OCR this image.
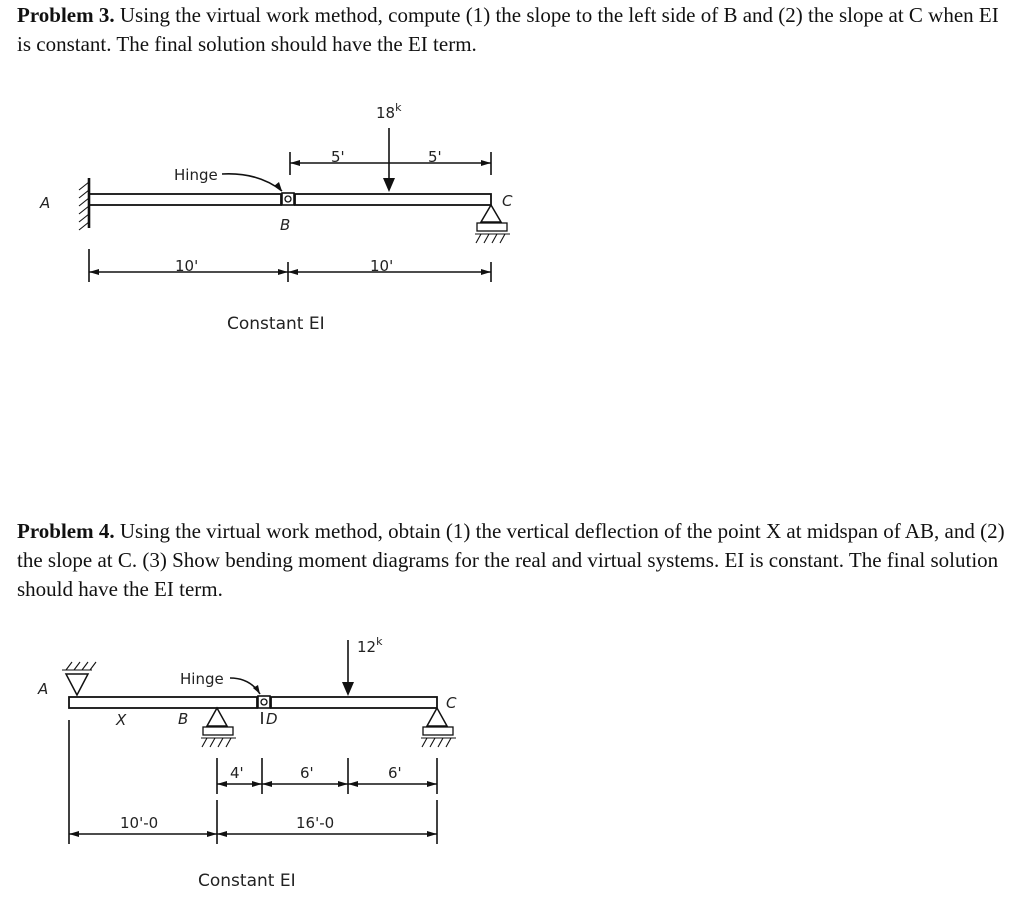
Problem 3. Using the virtual work method, compute (1) the slope to the left side of B and (2) the slope at C when EI is constant. The final solution should have the EI term.

A	C
B
Hinge
18$^k$
5'	5'
10'	10'
Constant EI

Problem 4. Using the virtual work method, obtain (1) the vertical deflection of the point X at midspan of AB, and (2) the slope at C. (3) Show bending moment diagrams for the real and virtual systems. EI is constant. The final solution should have the EI term.

A
C
X	B	D
Hinge
12$^k$
4'	6'	6'
10'-0	16'-0
Constant EI
